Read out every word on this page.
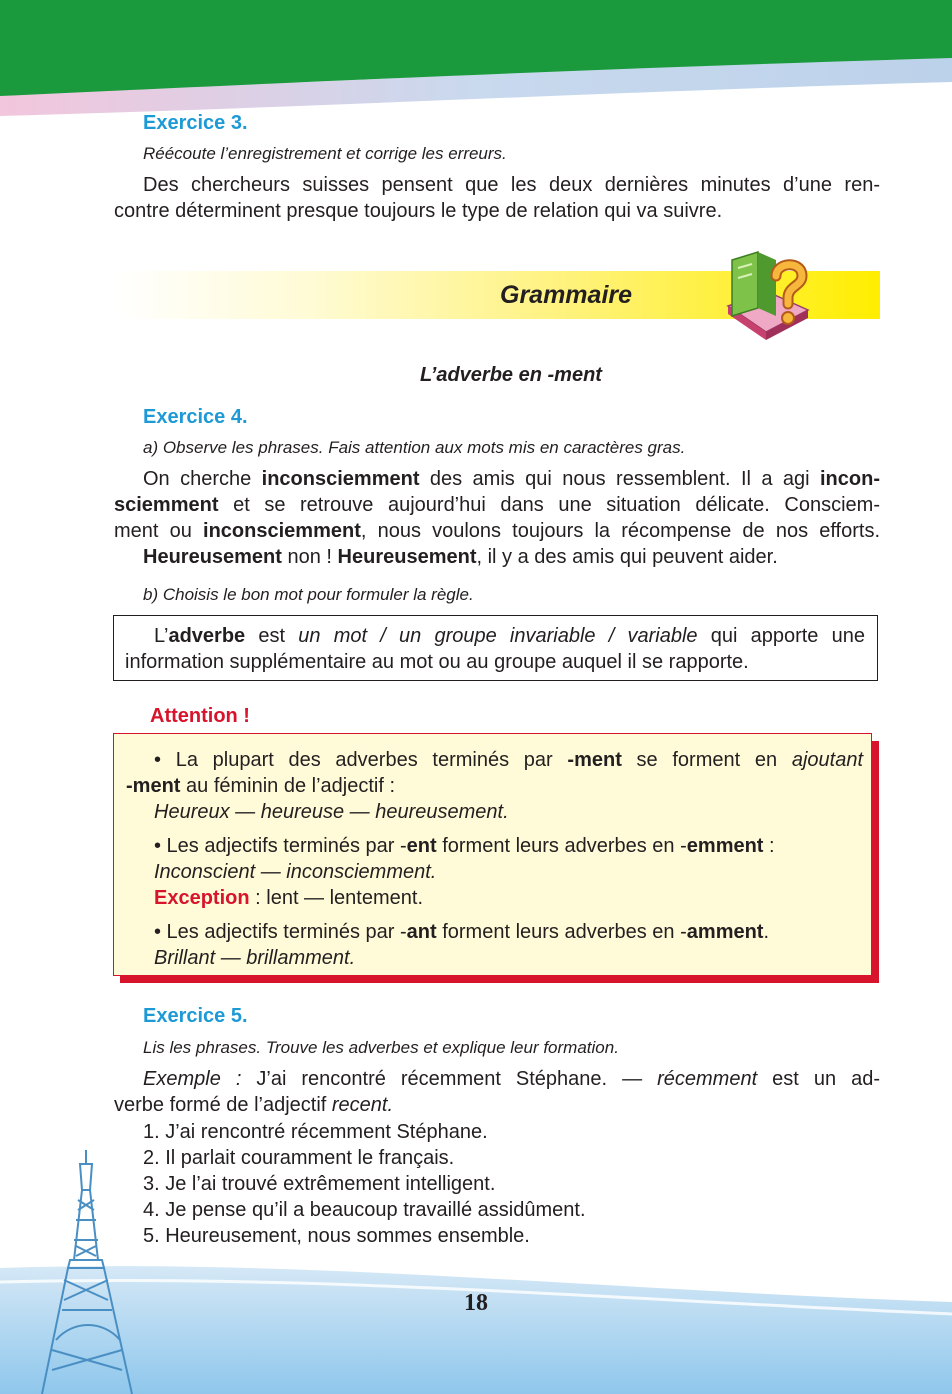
Exercice 3.
Réécoute l’enregistrement et corrige les erreurs.
Des chercheurs suisses pensent que les deux dernières minutes d’une ren-
contre déterminent presque toujours le type de relation qui va suivre.
L’adverbe en -ment
Exercice 4.
a) Observe les phrases. Fais attention aux mots mis en caractères gras.
On cherche inconsciemment des amis qui nous ressemblent. Il a agi incon-
sciemment et se retrouve aujourd’hui dans une situation délicate. Consciem-
ment ou inconsciemment, nous voulons toujours la récompense de nos efforts.
Heureusement non ! Heureusement, il y a des amis qui peuvent aider.
b) Choisis le bon mot pour formuler la règle.
Exercice 5.
Lis les phrases. Trouve les adverbes et explique leur formation.
Exemple : J’ai rencontré récemment Stéphane. — récemment est un ad-
verbe formé de l’adjectif recent.
1. J’ai rencontré récemment Stéphane.
2. Il parlait couramment le français.
3. Je l’ai trouvé extrêmement intelligent.
4. Je pense qu’il a beaucoup travaillé assidûment.
5. Heureusement, nous sommes ensemble.
Grammaire
L’adverbe est un mot / un groupe invariable / variable qui apporte une
information supplémentaire au mot ou au groupe auquel il se rapporte.
Attention !
• La plupart des adverbes terminés par -ment se forment en ajoutant
-ment au féminin de l’adjectif :
Heureux — heureuse — heureusement.
• Les adjectifs terminés par -ent forment leurs adverbes en -emment :
Inconscient — inconsciemment.
Exception : lent — lentement.
• Les adjectifs terminés par -ant forment leurs adverbes en -amment.
Brillant — brillamment.
18
